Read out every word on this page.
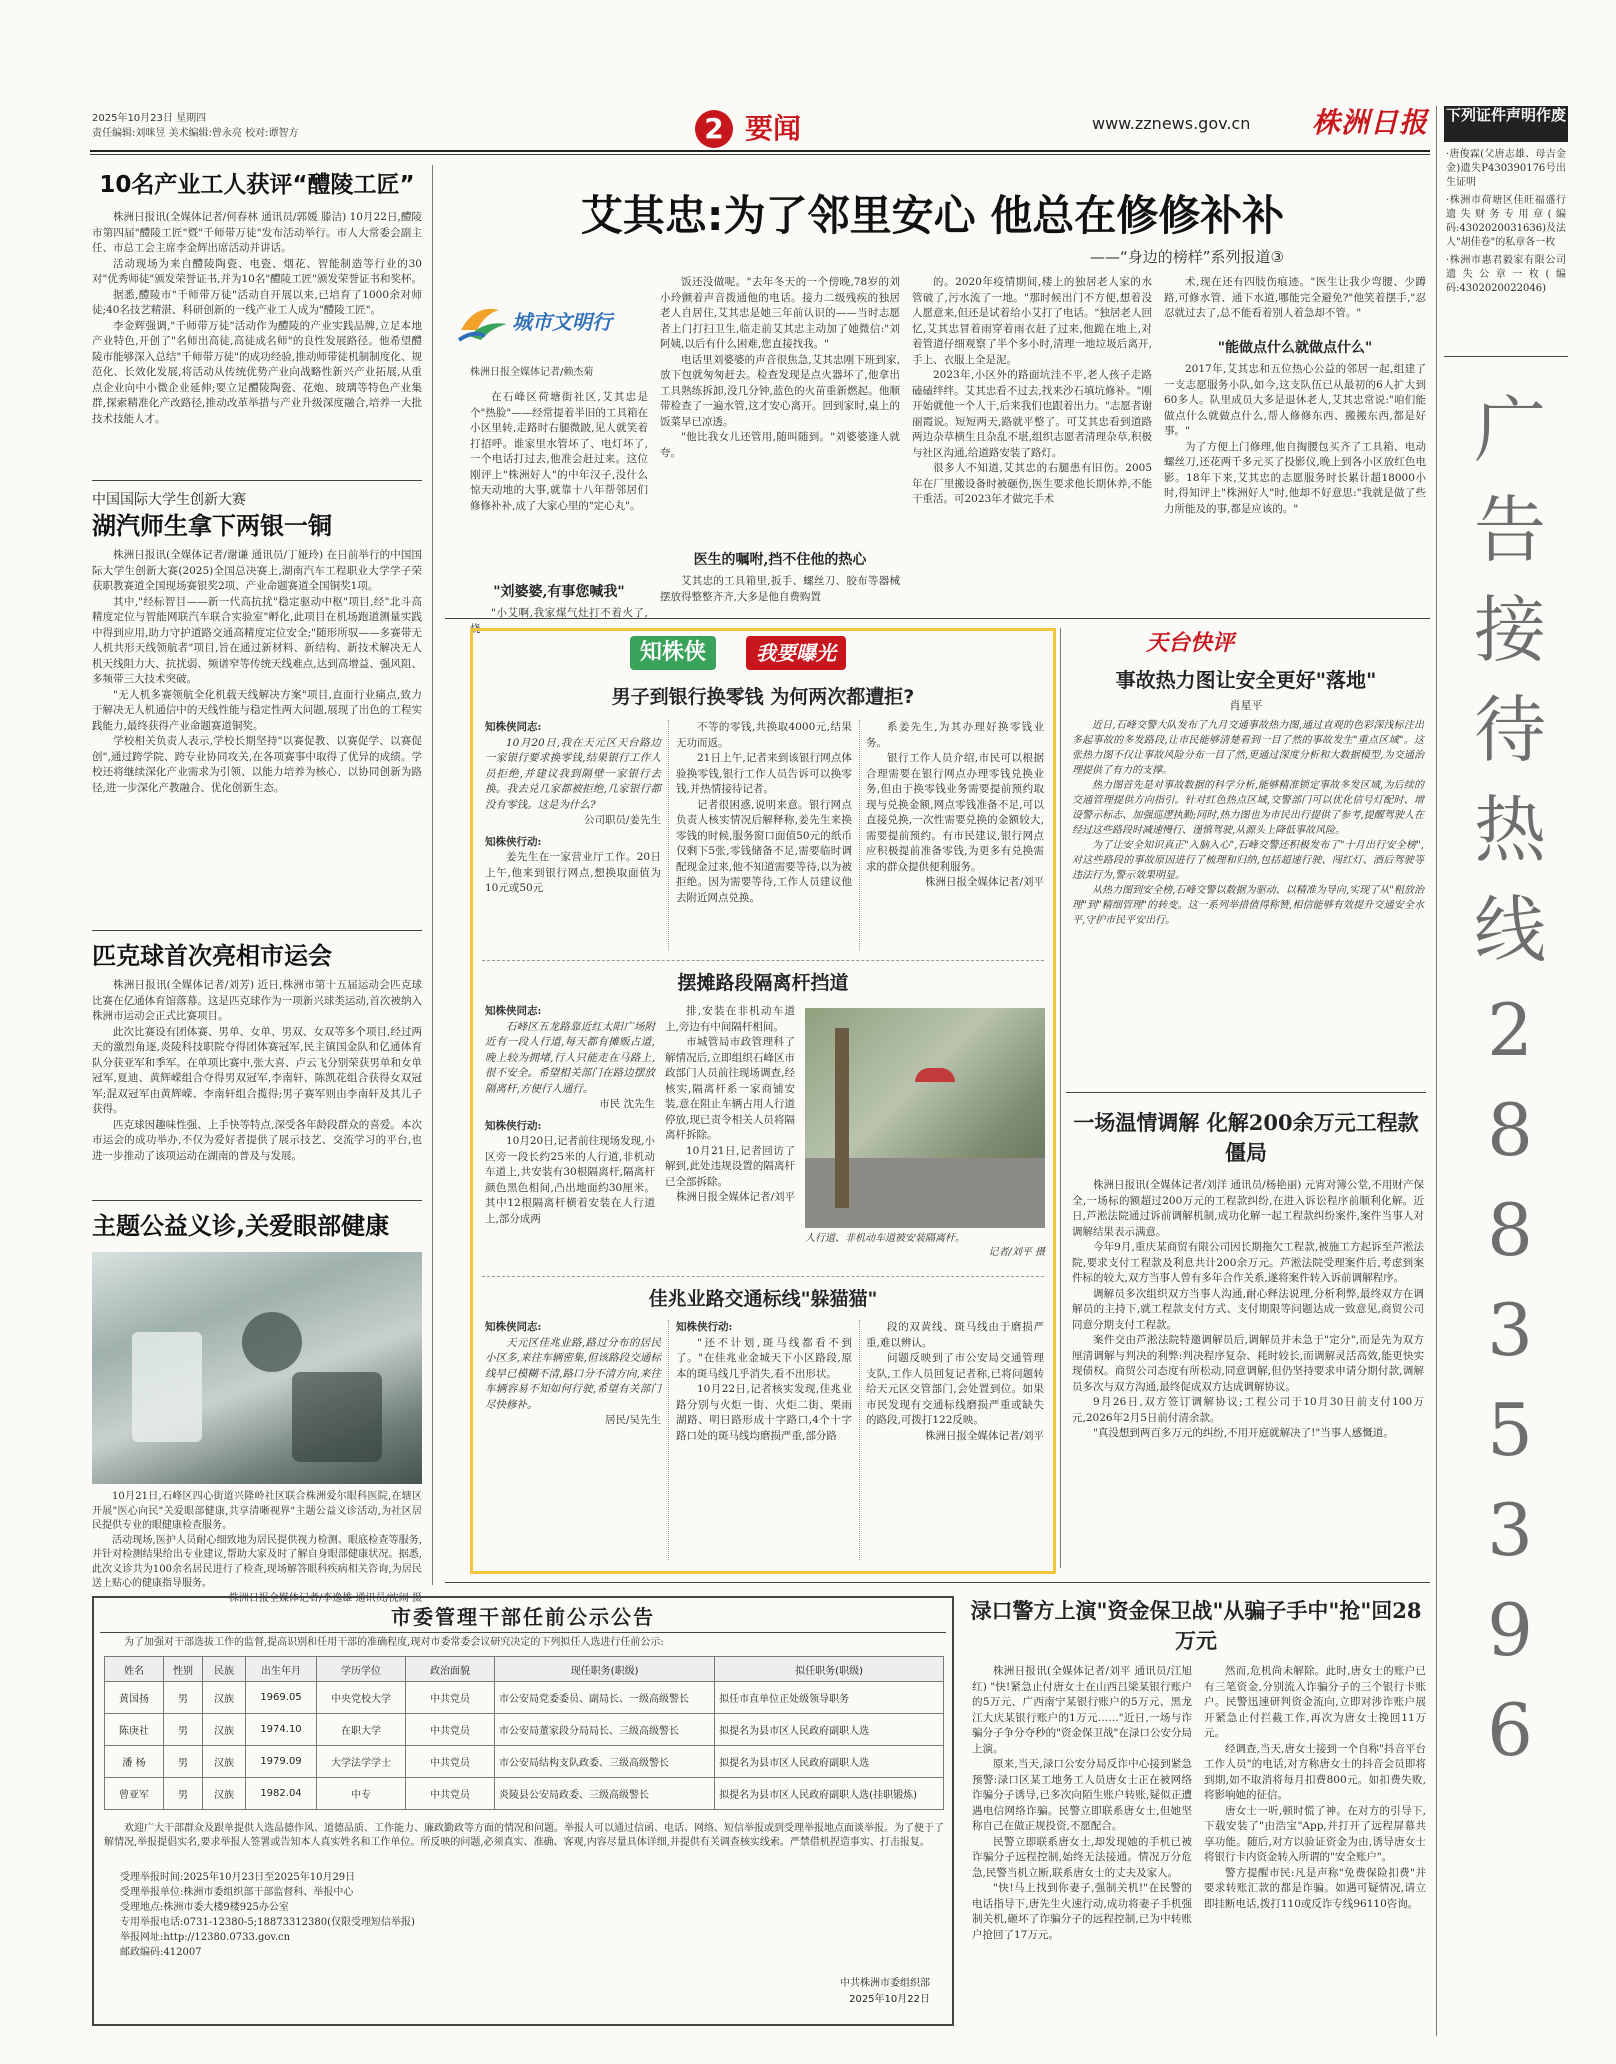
2025年10月23日 星期四
责任编辑:刘咪昱 美术编辑:曾永亮 校对:谭智方	2 要闻	www.zznews.gov.cn 株洲日报 下列证件声明作废
·唐俊霖(父唐志雄、母吉金金)遗失P430390176号出生证明
·株洲市荷塘区佳旺福盛行遗失财务专用章(编码:4302020031636)及法人"胡佳卷"的私章各一枚
·株洲市惠君毅家有限公司遗失公章一枚(编码:4302020022046)
广告接待热线28835396
10名产业工人获评“醴陵工匠”

株洲日报讯(全媒体记者/何春林 通讯员/郭媛 滕洁) 10月22日,醴陵市第四届"醴陵工匠"暨"千师带万徒"发布活动举行。市人大常委会副主任、市总工会主席李金辉出席活动并讲话。

活动现场为来自醴陵陶瓷、电瓷、烟花、智能制造等行业的30对"优秀师徒"颁发荣誉证书,并为10名"醴陵工匠"颁发荣誉证书和奖杯。

据悉,醴陵市"千师带万徒"活动自开展以来,已培育了1000余对师徒;40名技艺精湛、科研创新的一线产业工人成为"醴陵工匠"。

李金辉强调,"千师带万徒"活动作为醴陵的产业实践品牌,立足本地产业特色,开创了"名师出高徒,高徒成名师"的良性发展路径。他希望醴陵市能够深入总结"千师带万徒"的成功经验,推动师带徒机制制度化、规范化、长效化发展,将活动从传统优势产业向战略性新兴产业拓展,从重点企业向中小微企业延伸;要立足醴陵陶瓷、花炮、玻璃等特色产业集群,探索精准化产改路径,推动改革举措与产业升级深度融合,培养一大批技术技能人才。

中国国际大学生创新大赛
湖汽师生拿下两银一铜

株洲日报讯(全媒体记者/谢谦 通讯员/丁娅玲) 在日前举行的中国国际大学生创新大赛(2025)全国总决赛上,湖南汽车工程职业大学学子荣获职教赛道全国现场赛银奖2项、产业命题赛道全国铜奖1项。

其中,"经标智目——新一代高抗扰"稳定驱动中枢"项目,经"北斗高精度定位与智能网联汽车联合实验室"孵化,此项目在机场跑道测量实践中得到应用,助力守护道路交通高精度定位安全;"随形所驭——多赛带无人机共形天线领航者"项目,旨在通过新材料、新结构、新技术解决无人机天线阻力大、抗扰弱、频谱窄等传统天线难点,达到高增益、强风阻、多频带三大技术突破。

"无人机多赛领航全化机载天线解决方案"项目,直面行业痛点,致力于解决无人机通信中的天线性能与稳定性两大问题,展现了出色的工程实践能力,最终获得产业命题赛道铜奖。

学校相关负责人表示,学校长期坚持"以赛促教、以赛促学、以赛促创",通过跨学院、跨专业协同攻关,在各项赛事中取得了优异的成绩。学校还将继续深化产业需求为引领、以能力培养为核心、以协同创新为路径,进一步深化产教融合、优化创新生态。

匹克球首次亮相市运会

株洲日报讯(全媒体记者/刘芳) 近日,株洲市第十五届运动会匹克球比赛在亿通体育馆落幕。这是匹克球作为一项新兴球类运动,首次被纳入株洲市运动会正式比赛项目。

此次比赛设有团体赛、男单、女单、男双、女双等多个项目,经过两天的激烈角逐,炎陵科技职院夺得团体赛冠军,民主镇国金队和亿通体育队分获亚军和季军。在单项比赛中,张大喜、卢云飞分别荣获男单和女单冠军,夏迪、黄辉嵘组合夺得男双冠军,李南轩、陈凯花组合获得女双冠军;混双冠军由黄辉嵘、李南轩组合揽得;男子赛军则由李南轩及其儿子获得。

匹克球因趣味性强、上手快等特点,深受各年龄段群众的喜爱。本次市运会的成功举办,不仅为爱好者提供了展示技艺、交流学习的平台,也进一步推动了该项运动在湖南的普及与发展。

主题公益义诊,关爱眼部健康

10月21日,石峰区四心街道兴隆岭社区联合株洲爱尔眼科医院,在辖区开展"医心向民"关爱眼部健康,共享清晰视界"主题公益义诊活动,为社区居民提供专业的眼健康检查服务。

活动现场,医护人员耐心细致地为居民提供视力检测、眼底检查等服务,并针对检测结果给出专业建议,帮助大家及时了解自身眼部健康状况。据悉,此次义诊共为100余名居民进行了检查,现场解答眼科疾病相关咨询,为居民送上贴心的健康指导服务。

株洲日报全媒体记者/李逸雄 通讯员/沈闹 摄
艾其忠:为了邻里安心 他总在修修补补
——“身边的榜样”系列报道③
城市文明行
株洲日报全媒体记者/赖杰菊

在石峰区荷塘街社区,艾其忠是个"热脸"——经常提着半旧的工具箱在小区里转,走路时右腿微跛,见人就笑着打招呼。谁家里水管坏了、电灯坏了,一个电话打过去,他准会赶过来。这位刚评上"株洲好人"的中年汉子,没什么惊天动地的大事,就靠十八年帮邻居们修修补补,成了大家心里的"定心丸"。

"刘婆婆,有事您喊我"

"小艾啊,我家煤气灶打不着火了,烧

饭还没做呢。"去年冬天的一个傍晚,78岁的刘小玲颤着声音拨通他的电话。接力二级残疾的独居老人自居住,艾其忠是她三年前认识的——当时志愿者上门打扫卫生,临走前艾其忠主动加了她微信:"刘阿姨,以后有什么困难,您直接找我。"

电话里刘婆婆的声音很焦急,艾其忠刚下班到家,放下包就匆匆赶去。检查发现是点火器坏了,他拿出工具熟练拆卸,没几分钟,蓝色的火苗重新燃起。他顺带检查了一遍水管,这才安心离开。回到家时,桌上的饭菜早已凉透。

"他比我女儿还管用,随叫随到。"刘婆婆逢人就夸。

医生的嘱咐,挡不住他的热心

艾其忠的工具箱里,扳手、螺丝刀、胶布等器械摆放得整整齐齐,大多是他自费购置

的。2020年疫情期间,楼上的独居老人家的水管破了,污水流了一地。"那时候出门不方便,想着没人愿意来,但还是试着给小艾打了电话。"独居老人回忆,艾其忠冒着雨穿着雨衣赶了过来,他跪在地上,对着管道仔细观察了半个多小时,清理一地垃圾后离开,手上、衣服上全是泥。

2023年,小区外的路面坑洼不平,老人孩子走路磕磕绊绊。艾其忠看不过去,找来沙石填坑修补。"刚开始就他一个人干,后来我们也跟着出力。"志愿者谢丽霞说。短短两天,路就平整了。可艾其忠看到道路两边杂草横生且杂乱不堪,组织志愿者清理杂草,积极与社区沟通,给道路安装了路灯。

很多人不知道,艾其忠的右腿患有旧伤。2005年在厂里搬设备时被砸伤,医生要求他长期休养,不能干重活。可2023年才做完手术

术,现在还有四肢伤痕迹。"医生让我少弯腰、少蹲路,可修水管、通下水道,哪能完全避免?"他笑着摆手,"忍忍就过去了,总不能看着别人着急却不管。"

"能做点什么就做点什么"

2017年,艾其忠和五位热心公益的邻居一起,组建了一支志愿服务小队,如今,这支队伍已从最初的6人扩大到60多人。队里成员大多是退休老人,艾其忠常说:"咱们能做点什么就做点什么,帮人修修东西、搬搬东西,都是好事。"

为了方便上门修理,他自掏腰包买齐了工具箱、电动螺丝刀,还花两千多元买了投影仪,晚上到各小区放红色电影。18年下来,艾其忠的志愿服务时长累计超18000小时,得知评上"株洲好人"时,他却不好意思:"我就是做了些力所能及的事,都是应该的。"

知株侠	我要曝光
男子到银行换零钱 为何两次都遭拒?
知株侠同志:

10月20日,我在天元区天台路边一家银行要求换零钱,结果银行工作人员拒绝,并建议我到隔壁一家银行去换。我去兑几家都被拒绝,几家银行都没有零钱。这是为什么?

公司职员/姜先生
知株侠行动:

姜先生在一家营业厅工作。20日上午,他来到银行网点,想换取面值为10元或50元

不等的零钱,共换取4000元,结果无功而返。

21日上午,记者来到该银行网点体验换零钱,银行工作人员告诉可以换零钱,并热情接待记者。

记者很困惑,说明来意。银行网点负责人核实情况后解释称,姜先生来换零钱的时候,服务窗口面值50元的纸币仅剩下5张,零钱储备不足,需要临时调配现金过来,他不知道需要等待,以为被拒绝。因为需要等待,工作人员建议他去附近网点兑换。

系姜先生,为其办理好换零钱业务。

银行工作人员介绍,市民可以根据合理需要在银行网点办理零钱兑换业务,但由于换零钱业务需要提前预约取现与兑换金额,网点零钱准备不足,可以直接兑换,一次性需要兑换的金额较大,需要提前预约。有市民建议,银行网点应积极提前准备零钱,为更多有兑换需求的群众提供便利服务。

株洲日报全媒体记者/刘平
摆摊路段隔离杆挡道
知株侠同志:

石峰区五龙路靠近红太阳广场附近有一段人行道,每天都有摊贩占道,晚上较为拥堵,行人只能走在马路上,很不安全。希望相关部门在路边摆放隔离杆,方便行人通行。

市民 沈先生
知株侠行动:

10月20日,记者前往现场发现,小区旁一段长约25米的人行道,非机动车道上,共安装有30根隔离杆,隔离杆颜色黑色相间,凸出地面约30厘米。其中12根隔离杆横着安装在人行道上,部分成两

排,安装在非机动车道上,旁边有中间隔杆相间。

市城管局市政管理科了解情况后,立即组织石峰区市政部门人员前往现场调查,经核实,隔离杆系一家商铺安装,意在阻止车辆占用人行道停放,现已责令相关人员将隔离杆拆除。

10月21日,记者回访了解到,此处违规设置的隔离杆已全部拆除。

株洲日报全媒体记者/刘平
人行道、非机动车道被安装隔离杆。
记者/刘平 摄
佳兆业路交通标线"躲猫猫"
知株侠同志:

天元区佳兆业路,路过分布的居民小区多,来往车辆密集,但该路段交通标线早已模糊不清,路口分不清方向,来往车辆容易不知如何行驶,希望有关部门尽快修补。

居民/吴先生
知株侠行动:

"还不计划,斑马线都看不到了。"在佳兆业金城天下小区路段,原本的斑马线几乎消失,看不出形状。

10月22日,记者核实发现,佳兆业路分别与火炬一街、火炬二街、栗雨湖路、明日路形成十字路口,4个十字路口处的斑马线均磨损严重,部分路

段的双黄线、斑马线由于磨损严重,难以辨认。

问题反映到了市公安局交通管理支队,工作人员回复记者称,已将问题转给天元区交管部门,会处置到位。如果市民发现有交通标线磨损严重或缺失的路段,可拨打122反映。

株洲日报全媒体记者/刘平
天台快评
事故热力图让安全更好"落地"
肖星平

近日,石峰交警大队发布了九月交通事故热力图,通过直观的色彩深浅标注出多起事故的多发路段,让市民能够清楚看到一目了然的事故发生"重点区域"。这张热力图不仅让事故风险分布一目了然,更通过深度分析和大数据模型,为交通治理提供了有力的支撑。

热力图首先是对事故数据的科学分析,能够精准锁定事故多发区域,为后续的交通管理提供方向指引。针对红色热点区域,交警部门可以优化信号灯配时、增设警示标志、加强巡逻执勤;同时,热力图也为市民出行提供了参考,提醒驾驶人在经过这些路段时减速慢行、谨慎驾驶,从源头上降低事故风险。

为了让安全知识真正"入脑入心",石峰交警还积极发布了"十月出行安全榜",对这些路段的事故原因进行了梳理和归纳,包括超速行驶、闯红灯、酒后驾驶等违法行为,警示效果明显。

从热力图到安全榜,石峰交警以数据为驱动、以精准为导向,实现了从"粗放治理"到"精细管理"的转变。这一系列举措值得称赞,相信能够有效提升交通安全水平,守护市民平安出行。

一场温情调解 化解200余万元工程款僵局

株洲日报讯(全媒体记者/刘洋 通讯员/杨艳丽) 元宵对簿公堂,不用财产保全,一场标的额超过200万元的工程款纠纷,在进入诉讼程序前顺利化解。近日,芦淞法院通过诉前调解机制,成功化解一起工程款纠纷案件,案件当事人对调解结果表示满意。

今年9月,重庆某商贸有限公司因长期拖欠工程款,被施工方起诉至芦淞法院,要求支付工程款及利息共计200余万元。芦淞法院受理案件后,考虑到案件标的较大,双方当事人曾有多年合作关系,遂将案件转入诉前调解程序。

调解员多次组织双方当事人沟通,耐心释法说理,分析利弊,最终双方在调解员的主持下,就工程款支付方式、支付期限等问题达成一致意见,商贸公司同意分期支付工程款。

案件交由芦淞法院特邀调解员后,调解员并未急于"定分",而是先为双方厘清调解与判决的利弊:判决程序复杂、耗时较长,而调解灵活高效,能更快实现债权。商贸公司态度有所松动,同意调解,但仍坚持要求申请分期付款,调解员多次与双方沟通,最终促成双方达成调解协议。

9月26日,双方签订调解协议;工程公司于10月30日前支付100万元,2026年2月5日前付清余款。

"真没想到两百多万元的纠纷,不用开庭就解决了!"当事人感慨道。

渌口警方上演"资金保卫战"从骗子手中"抢"回28万元

株洲日报讯(全媒体记者/刘平 通讯员/江旭红) "快!紧急止付唐女士在山西吕梁某银行账户的5万元、广西南宁某银行账户的5万元、黑龙江大庆某银行账户的1万元……"近日,一场与诈骗分子争分夺秒的"资金保卫战"在渌口公安分局上演。

原来,当天,渌口公安分局反诈中心接到紧急预警:渌口区某工地务工人员唐女士正在被网络诈骗分子诱导,已多次向陌生账户转账,疑似正遭遇电信网络诈骗。民警立即联系唐女士,但她坚称自己在做正规投资,不愿配合。

民警立即联系唐女士,却发现她的手机已被诈骗分子远程控制,始终无法接通。情况万分危急,民警当机立断,联系唐女士的丈夫及家人。

"快!马上找到你妻子,强制关机!"在民警的电话指导下,唐先生火速行动,成功将妻子手机强制关机,砸坏了诈骗分子的远程控制,已为中转账户抢回了17万元。

然而,危机尚未解除。此时,唐女士的账户已有三笔资金,分别流入诈骗分子的三个银行卡账户。民警迅速研判资金流向,立即对涉诈账户展开紧急止付拦截工作,再次为唐女士挽回11万元。

经调查,当天,唐女士接到一个自称"抖音平台工作人员"的电话,对方称唐女士的抖音会员即将到期,如不取消将每月扣费800元。如扣费失败,将影响她的征信。

唐女士一听,顿时慌了神。在对方的引导下,下载安装了"由浩宝"App,并打开了远程屏幕共享功能。随后,对方以验证资金为由,诱导唐女士将银行卡内资金转入所谓的"安全账户"。

警方提醒市民:凡是声称"免费保险扣费"并要求转账汇款的都是诈骗。如遇可疑情况,请立即挂断电话,拨打110或反诈专线96110咨询。

市委管理干部任前公示公告

为了加强对干部选拔工作的监督,提高识别和任用干部的准确程度,现对市委常委会议研究决定的下列拟任人选进行任前公示:

姓名	性别	民族	出生年月	学历学位	政治面貌	现任职务(职级)	拟任职务(职级)
黄国扬	男	汉族	1969.05	中央党校大学	中共党员	市公安局党委委员、副局长、一级高级警长	拟任市直单位正处级领导职务
陈庚社	男	汉族	1974.10	在职大学	中共党员	市公安局董家段分局局长、三级高级警长	拟提名为县市区人民政府副职人选
潘 杨	男	汉族	1979.09	大学法学学士	中共党员	市公安局结构支队政委、三级高级警长	拟提名为县市区人民政府副职人选
曾亚军	男	汉族	1982.04	中专	中共党员	炎陵县公安局政委、三级高级警长	拟提名为县市区人民政府副职人选(挂职锻炼)

欢迎广大干部群众及跟单提供人选品德作风、道德品质、工作能力、廉政勤政等方面的情况和问题。举报人可以通过信函、电话、网络、短信举报或到受理举报地点面谈举报。为了便于了解情况,举报提倡实名,要求举报人签署或告知本人真实姓名和工作单位。所反映的问题,必须真实、准确、客观,内容尽量具体详细,并提供有关调查核实线索。严禁借机捏造事实、打击报复。

受理举报时间:2025年10月23日至2025年10月29日
受理举报单位:株洲市委组织部干部监督科、举报中心
受理地点:株洲市委大楼9楼925办公室
专用举报电话:0731-12380-5;18873312380(仅限受理短信举报)
举报网址:http://12380.0733.gov.cn
邮政编码:412007
中共株洲市委组织部
2025年10月22日
